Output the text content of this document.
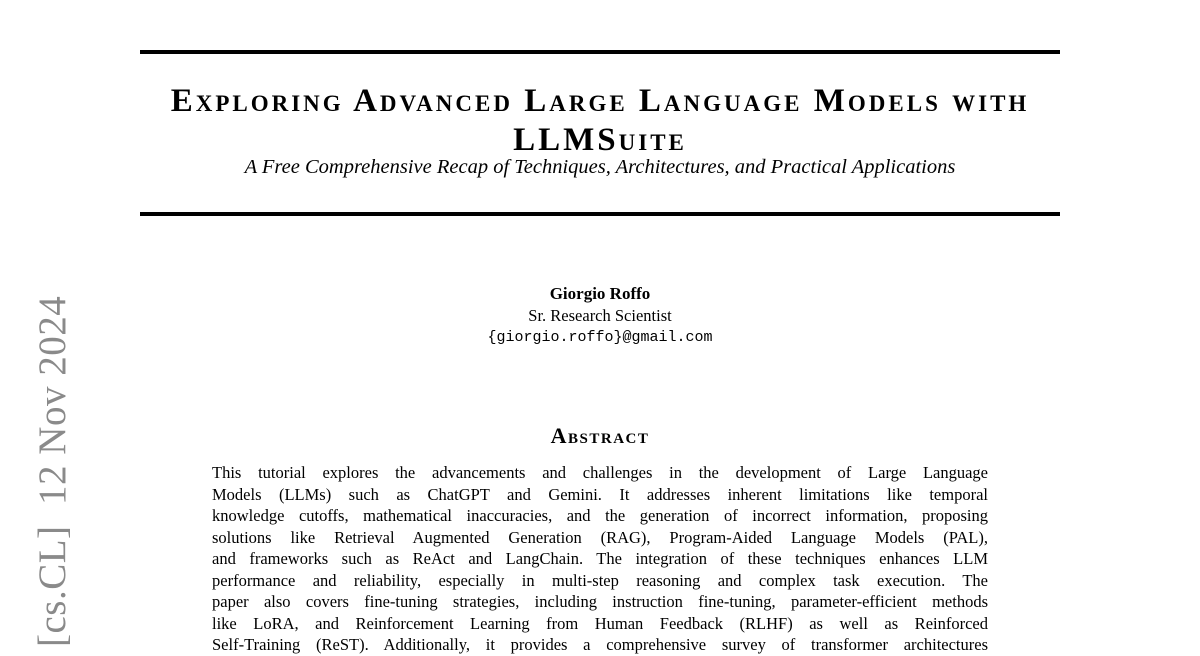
[cs.CL]  12 Nov 2024
Exploring Advanced Large Language Models with
LLMSuite
A Free Comprehensive Recap of Techniques, Architectures, and Practical Applications
Giorgio Roffo
Sr. Research Scientist
{giorgio.roffo}@gmail.com
Abstract
This tutorial explores the advancements and challenges in the development of Large Language
Models (LLMs) such as ChatGPT and Gemini. It addresses inherent limitations like temporal
knowledge cutoffs, mathematical inaccuracies, and the generation of incorrect information, proposing
solutions like Retrieval Augmented Generation (RAG), Program-Aided Language Models (PAL),
and frameworks such as ReAct and LangChain. The integration of these techniques enhances LLM
performance and reliability, especially in multi-step reasoning and complex task execution. The
paper also covers fine-tuning strategies, including instruction fine-tuning, parameter-efficient methods
like LoRA, and Reinforcement Learning from Human Feedback (RLHF) as well as Reinforced
Self-Training (ReST). Additionally, it provides a comprehensive survey of transformer architectures
